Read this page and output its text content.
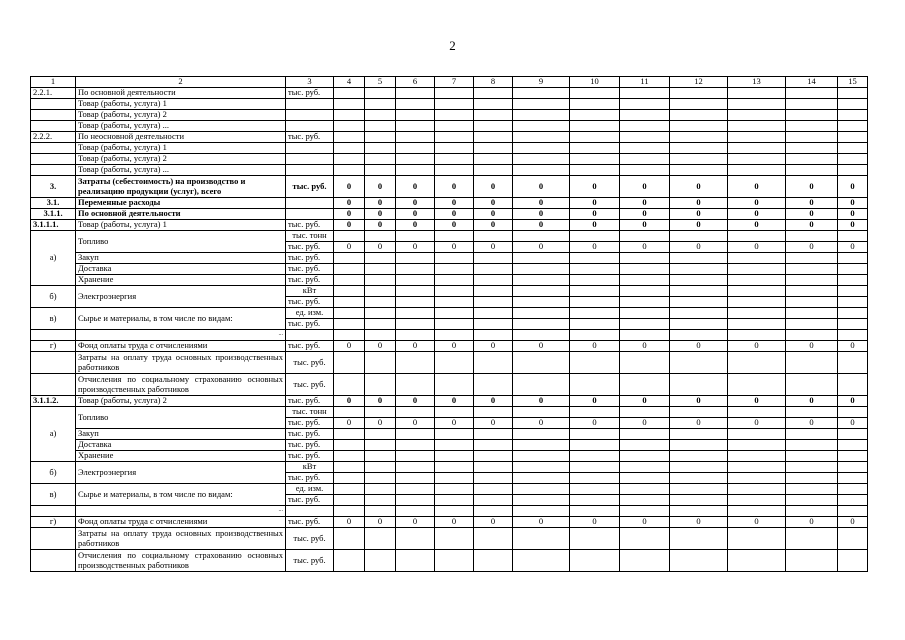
2
1	2	3	4	5	6	7	8	9	10	11	12	13	14	15
2.2.1.	По основной деятельности	тыс. руб.												
	Товар (работы, услуга) 1													
	Товар (работы, услуга) 2													
	Товар (работы, услуга) ...													
2.2.2.	По неосновной деятельности	тыс. руб.												
	Товар (работы, услуга) 1													
	Товар (работы, услуга) 2													
	Товар (работы, услуга) ...													
3.	Затраты (себестоимость) на производство и реализацию продукции (услуг), всего	тыс. руб.	0	0	0	0	0	0	0	0	0	0	0	0
3.1.	Переменные расходы		0	0	0	0	0	0	0	0	0	0	0	0
3.1.1.	По основной деятельности		0	0	0	0	0	0	0	0	0	0	0	0
3.1.1.1.	Товар (работы, услуга) 1	тыс. руб.	0	0	0	0	0	0	0	0	0	0	0	0
а)	Топливо	тыс. тонн												
		тыс. руб.	0	0	0	0	0	0	0	0	0	0	0	0
	Закуп	тыс. руб.												
	Доставка	тыс. руб.												
	Хранение	тыс. руб.												
б)	Электроэнергия	кВт												
		тыс. руб.												
в)	Сырье и материалы, в том числе по видам:	ед. изм.												
		тыс. руб.												
	...													
г)	Фонд оплаты труда с отчислениями	тыс. руб.	0	0	0	0	0	0	0	0	0	0	0	0
	Затраты на оплату труда основных производственных работников	тыс. руб.												
	Отчисления по социальному страхованию основных производственных работников	тыс. руб.												
3.1.1.2.	Товар (работы, услуга) 2	тыс. руб.	0	0	0	0	0	0	0	0	0	0	0	0
а)	Топливо	тыс. тонн												
		тыс. руб.	0	0	0	0	0	0	0	0	0	0	0	0
	Закуп	тыс. руб.												
	Доставка	тыс. руб.												
	Хранение	тыс. руб.												
б)	Электроэнергия	кВт												
		тыс. руб.												
в)	Сырье и материалы, в том числе по видам:	ед. изм.												
		тыс. руб.												
	...													
г)	Фонд оплаты труда с отчислениями	тыс. руб.	0	0	0	0	0	0	0	0	0	0	0	0
	Затраты на оплату труда основных производственных работников	тыс. руб.												
	Отчисления по социальному страхованию основных производственных работников	тыс. руб.												
